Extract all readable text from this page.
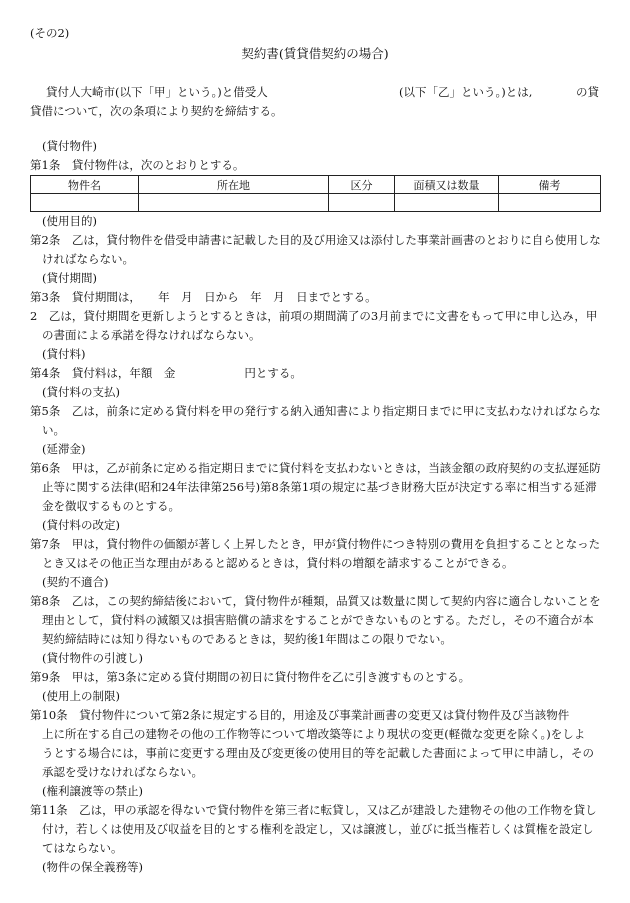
(その2)
契約書(賃貸借契約の場合)
貸付人大崎市(以下「甲」という。)と借受人	(以下「乙」という。)とは,	の貸
貸借について，次の条項により契約を締結する。
(貸付物件)
第1条　貸付物件は，次のとおりとする。
物件名	所在地	区分	面積又は数量	備考

(使用目的)
第2条　乙は，貸付物件を借受申請書に記載した目的及び用途又は添付した事業計画書のとおりに自ら使用しな
ければならない。
(貸付期間)
第3条　貸付期間は，　　年　月　日から　年　月　日までとする。
2　乙は，貸付期間を更新しようとするときは，前項の期間満了の3月前までに文書をもって甲に申し込み，甲
の書面による承諾を得なければならない。
(貸付料)
第4条　貸付料は，年額　金　　　　　　円とする。
(貸付料の支払)
第5条　乙は，前条に定める貸付料を甲の発行する納入通知書により指定期日までに甲に支払わなければならな
い。
(延滞金)
第6条　甲は，乙が前条に定める指定期日までに貸付料を支払わないときは，当該金額の政府契約の支払遅延防
止等に関する法律(昭和24年法律第256号)第8条第1項の規定に基づき財務大臣が決定する率に相当する延滞
金を徴収するものとする。
(貸付料の改定)
第7条　甲は，貸付物件の価額が著しく上昇したとき，甲が貸付物件につき特別の費用を負担することとなった
とき又はその他正当な理由があると認めるときは，貸付料の増額を請求することができる。
(契約不適合)
第8条　乙は，この契約締結後において，貸付物件が種類，品質又は数量に関して契約内容に適合しないことを
理由として，貸付料の減額又は損害賠償の請求をすることができないものとする。ただし，その不適合が本
契約締結時には知り得ないものであるときは，契約後1年間はこの限りでない。
(貸付物件の引渡し)
第9条　甲は，第3条に定める貸付期間の初日に貸付物件を乙に引き渡すものとする。
(使用上の制限)
第10条　貸付物件について第2条に規定する目的，用途及び事業計画書の変更又は貸付物件及び当該物件
上に所在する自己の建物その他の工作物等について増改築等により現状の変更(軽微な変更を除く。)をしよ
うとする場合には，事前に変更する理由及び変更後の使用目的等を記載した書面によって甲に申請し，その
承認を受けなければならない。
(権利譲渡等の禁止)
第11条　乙は，甲の承認を得ないで貸付物件を第三者に転貸し，又は乙が建設した建物その他の工作物を貸し
付け，若しくは使用及び収益を目的とする権利を設定し，又は譲渡し，並びに抵当権若しくは質権を設定し
てはならない。
(物件の保全義務等)
